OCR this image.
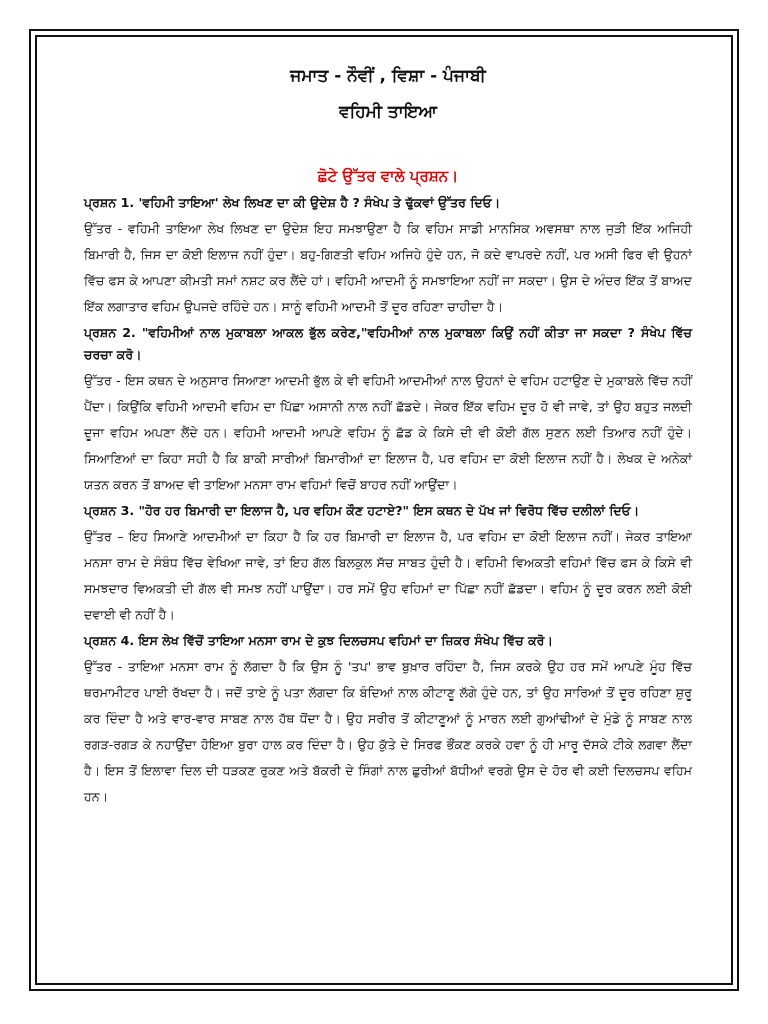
ਜਮਾਤ - ਨੌਵੀਂ , ਵਿਸ਼ਾ - ਪੰਜਾਬੀ

ਵਹਿਮੀ ਤਾਇਆ

ਛੋਟੇ ਉੱਤਰ ਵਾਲੇ ਪ੍ਰਸ਼ਨ।

ਪ੍ਰਸ਼ਨ 1. 'ਵਹਿਮੀ ਤਾਇਆ' ਲੇਖ ਲਿਖਣ ਦਾ ਕੀ ਉਦੇਸ਼ ਹੈ ? ਸੰਖੇਪ ਤੇ ਢੁੱਕਵਾਂ ਉੱਤਰ ਦਿਓ।

ਉੱਤਰ - ਵਹਿਮੀ ਤਾਇਆ ਲੇਖ ਲਿਖਣ ਦਾ ਉਦੇਸ਼ ਇਹ ਸਮਝਾਉਣਾ ਹੈ ਕਿ ਵਹਿਮ ਸਾਡੀ ਮਾਨਸਿਕ ਅਵਸਥਾ ਨਾਲ ਜੁੜੀ ਇੱਕ ਅਜਿਹੀ ਬਿਮਾਰੀ ਹੈ, ਜਿਸ ਦਾ ਕੋਈ ਇਲਾਜ ਨਹੀਂ ਹੁੰਦਾ। ਬਹੁ-ਗਿਣਤੀ ਵਹਿਮ ਅਜਿਹੇ ਹੁੰਦੇ ਹਨ, ਜੋ ਕਦੇ ਵਾਪਰਦੇ ਨਹੀਂ, ਪਰ ਅਸੀ ਫਿਰ ਵੀ ਉਹਨਾਂ ਵਿੱਚ ਫਸ ਕੇ ਆਪਣਾ ਕੀਮਤੀ ਸਮਾਂ ਨਸ਼ਟ ਕਰ ਲੈਂਦੇ ਹਾਂ। ਵਹਿਮੀ ਆਦਮੀ ਨੂੰ ਸਮਝਾਇਆ ਨਹੀਂ ਜਾ ਸਕਦਾ। ਉਸ ਦੇ ਅੰਦਰ ਇੱਕ ਤੋਂ ਬਾਅਦ ਇੱਕ ਲਗਾਤਾਰ ਵਹਿਮ ਉਪਜਦੇ ਰਹਿੰਦੇ ਹਨ। ਸਾਨੂੰ ਵਹਿਮੀ ਆਦਮੀ ਤੋਂ ਦੂਰ ਰਹਿਣਾ ਚਾਹੀਦਾ ਹੈ।

ਪ੍ਰਸ਼ਨ 2. "ਵਹਿਮੀਆਂ ਨਾਲ ਮੁਕਾਬਲਾ ਆਕਲ ਭੁੱਲ ਕਰੇਣ,"ਵਹਿਮੀਆਂ ਨਾਲ ਮੁਕਾਬਲਾ ਕਿਉਂ ਨਹੀਂ ਕੀਤਾ ਜਾ ਸਕਦਾ ? ਸੰਖੇਪ ਵਿੱਚ ਚਰਚਾ ਕਰੋ।

ਉੱਤਰ - ਇਸ ਕਥਨ ਦੇ ਅਨੁਸਾਰ ਸਿਆਣਾ ਆਦਮੀ ਭੁੱਲ ਕੇ ਵੀ ਵਹਿਮੀ ਆਦਮੀਆਂ ਨਾਲ ਉਹਨਾਂ ਦੇ ਵਹਿਮ ਹਟਾਉਣ ਦੇ ਮੁਕਾਬਲੇ ਵਿੱਚ ਨਹੀਂ ਪੈਂਦਾ। ਕਿਉਂਕਿ ਵਹਿਮੀ ਆਦਮੀ ਵਹਿਮ ਦਾ ਪਿੱਛਾ ਅਸਾਨੀ ਨਾਲ ਨਹੀਂ ਛੱਡਦੇ। ਜੇਕਰ ਇੱਕ ਵਹਿਮ ਦੂਰ ਹੋ ਵੀ ਜਾਵੇ, ਤਾਂ ਉਹ ਬਹੁਤ ਜਲਦੀ ਦੂਜਾ ਵਹਿਮ ਅਪਣਾ ਲੈਂਦੇ ਹਨ। ਵਹਿਮੀ ਆਦਮੀ ਆਪਣੇ ਵਹਿਮ ਨੂੰ ਛੱਡ ਕੇ ਕਿਸੇ ਦੀ ਵੀ ਕੋਈ ਗੱਲ ਸੁਣਨ ਲਈ ਤਿਆਰ ਨਹੀਂ ਹੁੰਦੇ। ਸਿਆਣਿਆਂ ਦਾ ਕਿਹਾ ਸਹੀ ਹੈ ਕਿ ਬਾਕੀ ਸਾਰੀਆਂ ਬਿਮਾਰੀਆਂ ਦਾ ਇਲਾਜ ਹੈ, ਪਰ ਵਹਿਮ ਦਾ ਕੋਈ ਇਲਾਜ ਨਹੀਂ ਹੈ। ਲੇਖਕ ਦੇ ਅਨੇਕਾਂ ਯਤਨ ਕਰਨ ਤੋਂ ਬਾਅਦ ਵੀ ਤਾਇਆ ਮਨਸਾ ਰਾਮ ਵਹਿਮਾਂ ਵਿਚੋਂ ਬਾਹਰ ਨਹੀਂ ਆਉਂਦਾ।

ਪ੍ਰਸ਼ਨ 3. "ਹੋਰ ਹਰ ਬਿਮਾਰੀ ਦਾ ਇਲਾਜ ਹੈ, ਪਰ ਵਹਿਮ ਕੌਣ ਹਟਾਏ?" ਇਸ ਕਥਨ ਦੇ ਪੱਖ ਜਾਂ ਵਿਰੋਧ ਵਿੱਚ ਦਲੀਲਾਂ ਦਿਓ।

ਉੱਤਰ – ਇਹ ਸਿਆਣੇ ਆਦਮੀਆਂ ਦਾ ਕਿਹਾ ਹੈ ਕਿ ਹਰ ਬਿਮਾਰੀ ਦਾ ਇਲਾਜ ਹੈ, ਪਰ ਵਹਿਮ ਦਾ ਕੋਈ ਇਲਾਜ ਨਹੀਂ। ਜੇਕਰ ਤਾਇਆ ਮਨਸਾ ਰਾਮ ਦੇ ਸੰਬੰਧ ਵਿੱਚ ਵੇਖਿਆ ਜਾਵੇ, ਤਾਂ ਇਹ ਗੱਲ ਬਿਲਕੁਲ ਸੱਚ ਸਾਬਤ ਹੁੰਦੀ ਹੈ। ਵਹਿਮੀ ਵਿਅਕਤੀ ਵਹਿਮਾਂ ਵਿੱਚ ਫਸ ਕੇ ਕਿਸੇ ਵੀ ਸਮਝਦਾਰ ਵਿਅਕਤੀ ਦੀ ਗੱਲ ਵੀ ਸਮਝ ਨਹੀਂ ਪਾਉਂਦਾ। ਹਰ ਸਮੇਂ ਉਹ ਵਹਿਮਾਂ ਦਾ ਪਿੱਛਾ ਨਹੀਂ ਛੱਡਦਾ। ਵਹਿਮ ਨੂੰ ਦੂਰ ਕਰਨ ਲਈ ਕੋਈ ਦਵਾਈ ਵੀ ਨਹੀਂ ਹੈ।

ਪ੍ਰਸ਼ਨ 4. ਇਸ ਲੇਖ ਵਿੱਚੋਂ ਤਾਇਆ ਮਨਸਾ ਰਾਮ ਦੇ ਕੁਝ ਦਿਲਚਸਪ ਵਹਿਮਾਂ ਦਾ ਜ਼ਿਕਰ ਸੰਖੇਪ ਵਿੱਚ ਕਰੋ।

ਉੱਤਰ - ਤਾਇਆ ਮਨਸਾ ਰਾਮ ਨੂੰ ਲੱਗਦਾ ਹੈ ਕਿ ਉਸ ਨੂੰ 'ਤਪ' ਭਾਵ ਬੁਖ਼ਾਰ ਰਹਿੰਦਾ ਹੈ, ਜਿਸ ਕਰਕੇ ਉਹ ਹਰ ਸਮੇਂ ਆਪਣੇ ਮੂੰਹ ਵਿੱਚ ਥਰਮਾਮੀਟਰ ਪਾਈ ਰੱਖਦਾ ਹੈ। ਜਦੋਂ ਤਾਏ ਨੂੰ ਪਤਾ ਲੱਗਦਾ ਕਿ ਬੰਦਿਆਂ ਨਾਲ ਕੀਟਾਣੂ ਲੱਗੇ ਹੁੰਦੇ ਹਨ, ਤਾਂ ਉਹ ਸਾਰਿਆਂ ਤੋਂ ਦੂਰ ਰਹਿਣਾ ਸ਼ੁਰੂ ਕਰ ਦਿੰਦਾ ਹੈ ਅਤੇ ਵਾਰ-ਵਾਰ ਸਾਬਣ ਨਾਲ ਹੱਥ ਧੋਂਦਾ ਹੈ। ਉਹ ਸਰੀਰ ਤੋਂ ਕੀਟਾਣੂਆਂ ਨੂੰ ਮਾਰਨ ਲਈ ਗੁਆਂਢੀਆਂ ਦੇ ਮੁੰਡੇ ਨੂੰ ਸਾਬਣ ਨਾਲ ਰਗੜ-ਰਗੜ ਕੇ ਨਹਾਉਂਦਾ ਹੋਇਆ ਬੁਰਾ ਹਾਲ ਕਰ ਦਿੰਦਾ ਹੈ। ਉਹ ਕੁੱਤੇ ਦੇ ਸਿਰਫ ਭੌਂਕਣ ਕਰਕੇ ਹਵਾ ਨੂੰ ਹੀ ਮਾਰੂ ਦੱਸਕੇ ਟੀਕੇ ਲਗਵਾ ਲੈਂਦਾ ਹੈ। ਇਸ ਤੋਂ ਇਲਾਵਾ ਦਿਲ ਦੀ ਧੜਕਣ ਰੁਕਣ ਅਤੇ ਬੱਕਰੀ ਦੇ ਸਿੰਗਾਂ ਨਾਲ ਛੁਰੀਆਂ ਬੱਧੀਆਂ ਵਰਗੇ ਉਸ ਦੇ ਹੋਰ ਵੀ ਕਈ ਦਿਲਚਸਪ ਵਹਿਮ ਹਨ।
